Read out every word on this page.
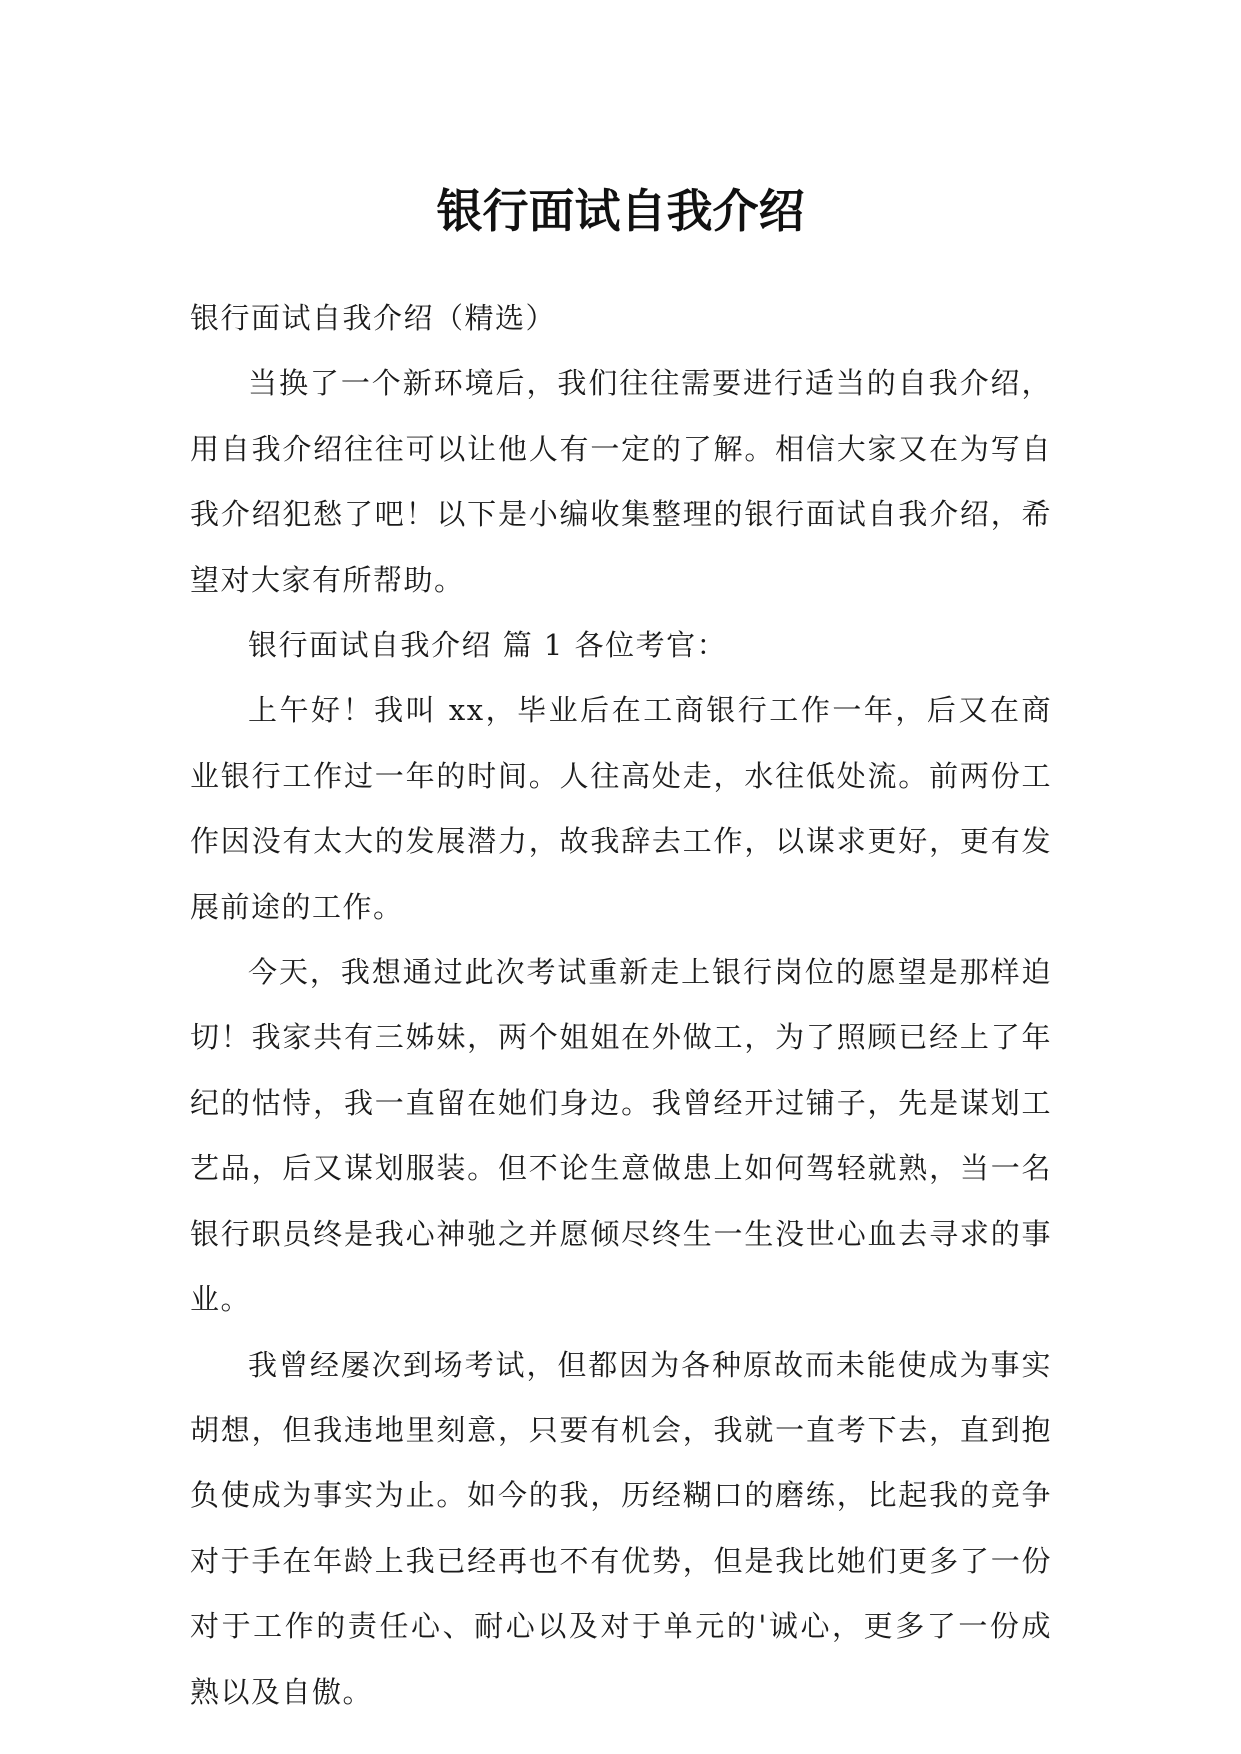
银行面试自我介绍

银行面试自我介绍（精选）

当换了一个新环境后，我们往往需要进行适当的自我介绍，用自我介绍往往可以让他人有一定的了解。相信大家又在为写自我介绍犯愁了吧！以下是小编收集整理的银行面试自我介绍，希望对大家有所帮助。

银行面试自我介绍 篇 1 各位考官：

上午好！我叫 xx，毕业后在工商银行工作一年，后又在商业银行工作过一年的时间。人往高处走，水往低处流。前两份工作因没有太大的发展潜力，故我辞去工作，以谋求更好，更有发展前途的工作。

今天，我想通过此次考试重新走上银行岗位的愿望是那样迫切！我家共有三姊妹，两个姐姐在外做工，为了照顾已经上了年纪的怙恃，我一直留在她们身边。我曾经开过铺子，先是谋划工艺品，后又谋划服装。但不论生意做患上如何驾轻就熟，当一名银行职员终是我心神驰之并愿倾尽终生一生没世心血去寻求的事业。

我曾经屡次到场考试，但都因为各种原故而未能使成为事实胡想，但我违地里刻意，只要有机会，我就一直考下去，直到抱负使成为事实为止。如今的我，历经糊口的磨练，比起我的竞争对于手在年龄上我已经再也不有优势，但是我比她们更多了一份对于工作的责任心、耐心以及对于单元的'诚心，更多了一份成熟以及自傲。
